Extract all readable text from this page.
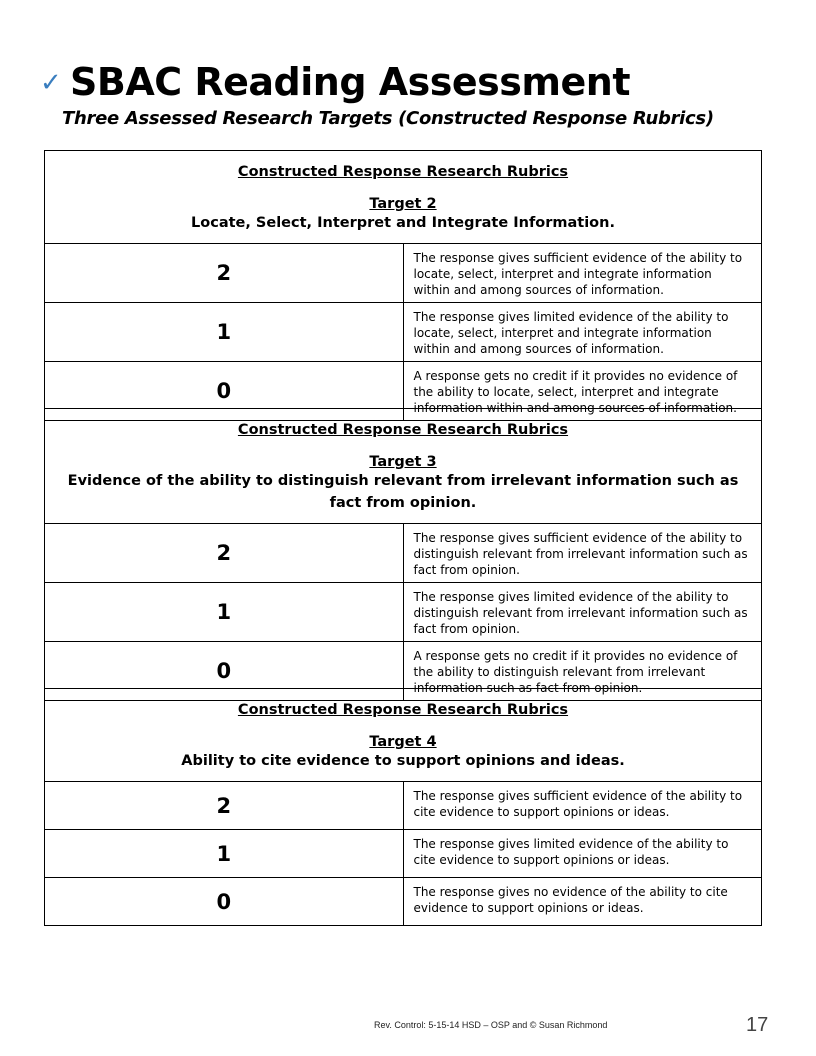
✓ SBAC Reading Assessment
Three Assessed Research Targets (Constructed Response Rubrics)
Constructed Response Research Rubrics
Target 2
Locate, Select, Interpret and Integrate Information.	

2	The response gives sufficient evidence of the ability to locate, select, interpret and integrate information within and among sources of information.
1	The response gives limited evidence of the ability to locate, select, interpret and integrate information within and among sources of information.
0	A response gets no credit if it provides no evidence of the ability to locate, select, interpret and integrate information within and among sources of information.
Constructed Response Research Rubrics
Target 3
Evidence of the ability to distinguish relevant from irrelevant information such as fact from opinion.	

2	The response gives sufficient evidence of the ability to distinguish relevant from irrelevant information such as fact from opinion.
1	The response gives limited evidence of the ability to distinguish relevant from irrelevant information such as fact from opinion.
0	A response gets no credit if it provides no evidence of the ability to distinguish relevant from irrelevant information such as fact from opinion.
Constructed Response Research Rubrics
Target 4
Ability to cite evidence to support opinions and ideas.	

2	The response gives sufficient evidence of the ability to cite evidence to support opinions or ideas.
1	The response gives limited evidence of the ability to cite evidence to support opinions or ideas.
0	The response gives no evidence of the ability to cite evidence to support opinions or ideas.
Rev. Control: 5-15-14 HSD – OSP and © Susan Richmond	17
